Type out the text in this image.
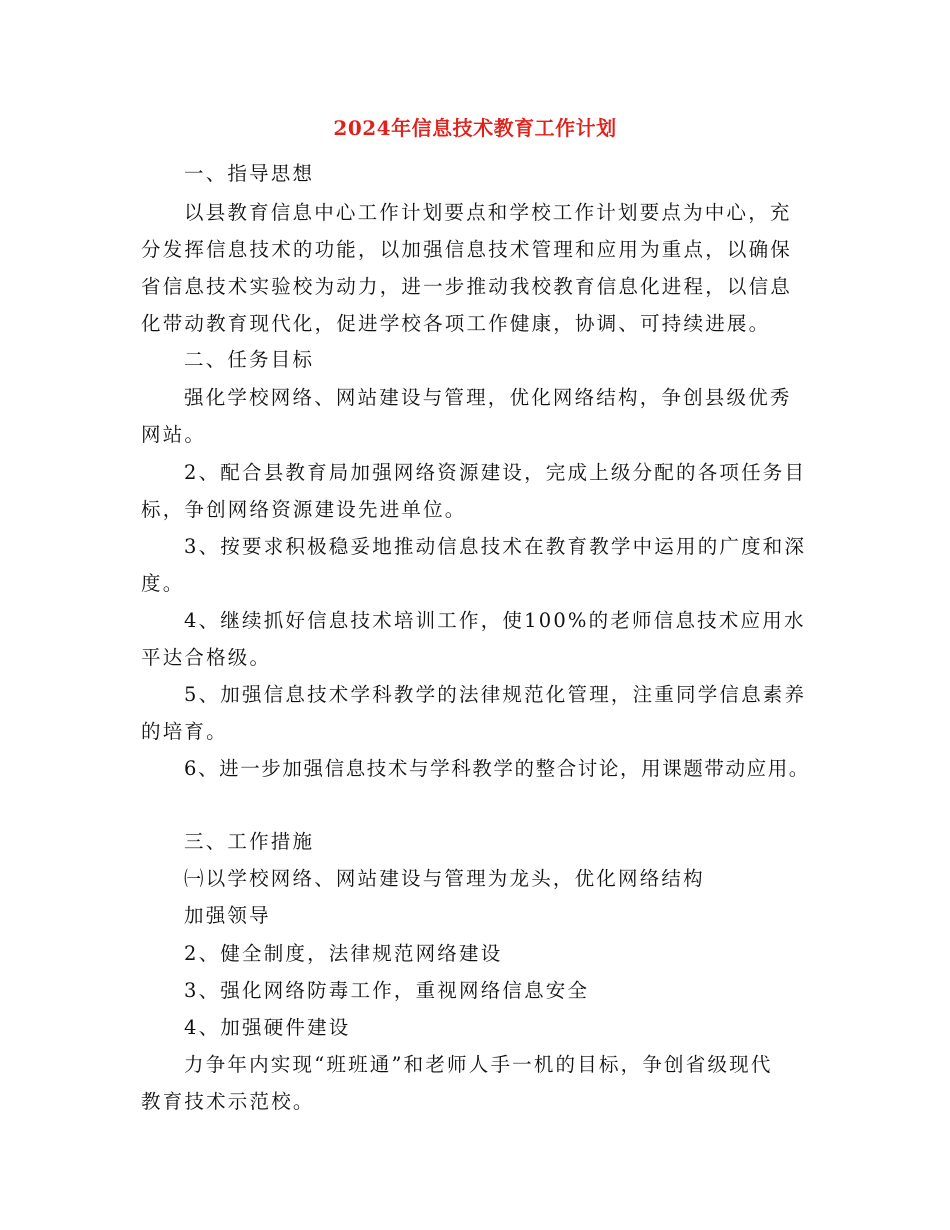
2024年信息技术教育工作计划
一、指导思想
以县教育信息中心工作计划要点和学校工作计划要点为中心，充
分发挥信息技术的功能，以加强信息技术管理和应用为重点，以确保
省信息技术实验校为动力，进一步推动我校教育信息化进程，以信息
化带动教育现代化，促进学校各项工作健康，协调、可持续进展。
二、任务目标
强化学校网络、网站建设与管理，优化网络结构，争创县级优秀
网站。
2、配合县教育局加强网络资源建设，完成上级分配的各项任务目
标，争创网络资源建设先进单位。
3、按要求积极稳妥地推动信息技术在教育教学中运用的广度和深
度。
4、继续抓好信息技术培训工作，使100%的老师信息技术应用水
平达合格级。
5、加强信息技术学科教学的法律规范化管理，注重同学信息素养
的培育。
6、进一步加强信息技术与学科教学的整合讨论，用课题带动应用。
三、工作措施
㈠以学校网络、网站建设与管理为龙头，优化网络结构
加强领导
2、健全制度，法律规范网络建设
3、强化网络防毒工作，重视网络信息安全
4、加强硬件建设
力争年内实现“班班通”和老师人手一机的目标，争创省级现代
教育技术示范校。
